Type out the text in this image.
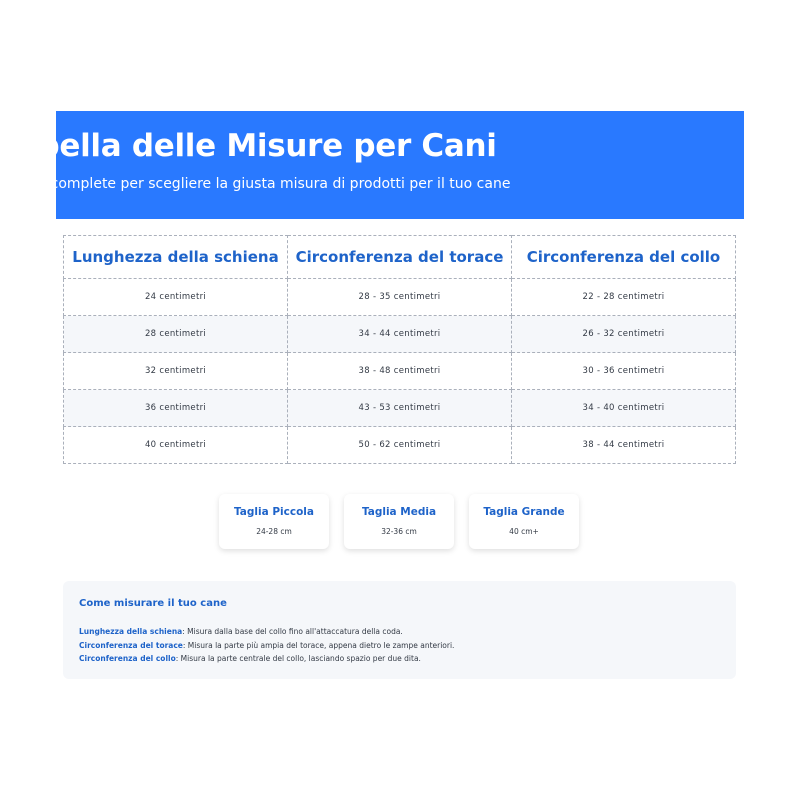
Tabella delle Misure per Cani

Misure complete per scegliere la giusta misura di prodotti per il tuo cane

Lunghezza della schiena	Circonferenza del torace	Circonferenza del collo
24 centimetri	28 - 35 centimetri	22 - 28 centimetri
28 centimetri	34 - 44 centimetri	26 - 32 centimetri
32 centimetri	38 - 48 centimetri	30 - 36 centimetri
36 centimetri	43 - 53 centimetri	34 - 40 centimetri
40 centimetri	50 - 62 centimetri	38 - 44 centimetri
Taglia Piccola
24-28 cm
Taglia Media
32-36 cm
Taglia Grande
40 cm+
Come misurare il tuo cane
Lunghezza della schiena: Misura dalla base del collo fino all'attaccatura della coda.
Circonferenza del torace: Misura la parte più ampia del torace, appena dietro le zampe anteriori.
Circonferenza del collo: Misura la parte centrale del collo, lasciando spazio per due dita.
